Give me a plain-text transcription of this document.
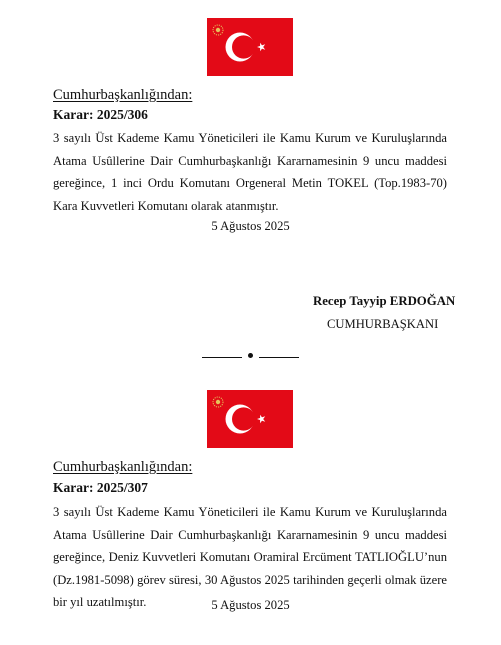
Cumhurbaşkanlığından:
Karar: 2025/306

3 sayılı Üst Kademe Kamu Yöneticileri ile Kamu Kurum ve Kuruluşlarında Atama Usûllerine Dair Cumhurbaşkanlığı Kararnamesinin 9 uncu maddesi gereğince, 1 inci Ordu Komutanı Orgeneral Metin TOKEL (Top.1983-70) Kara Kuvvetleri Komutanı olarak atanmıştır.

5 Ağustos 2025
Recep Tayyip ERDOĞAN
CUMHURBAŞKANI
Cumhurbaşkanlığından:
Karar: 2025/307

3 sayılı Üst Kademe Kamu Yöneticileri ile Kamu Kurum ve Kuruluşlarında Atama Usûllerine Dair Cumhurbaşkanlığı Kararnamesinin 9 uncu maddesi gereğince, Deniz Kuvvetleri Komutanı Oramiral Ercüment TATLIOĞLU’nun (Dz.1981-5098) görev süresi, 30 Ağustos 2025 tarihinden geçerli olmak üzere bir yıl uzatılmıştır.	5 Ağustos 2025
